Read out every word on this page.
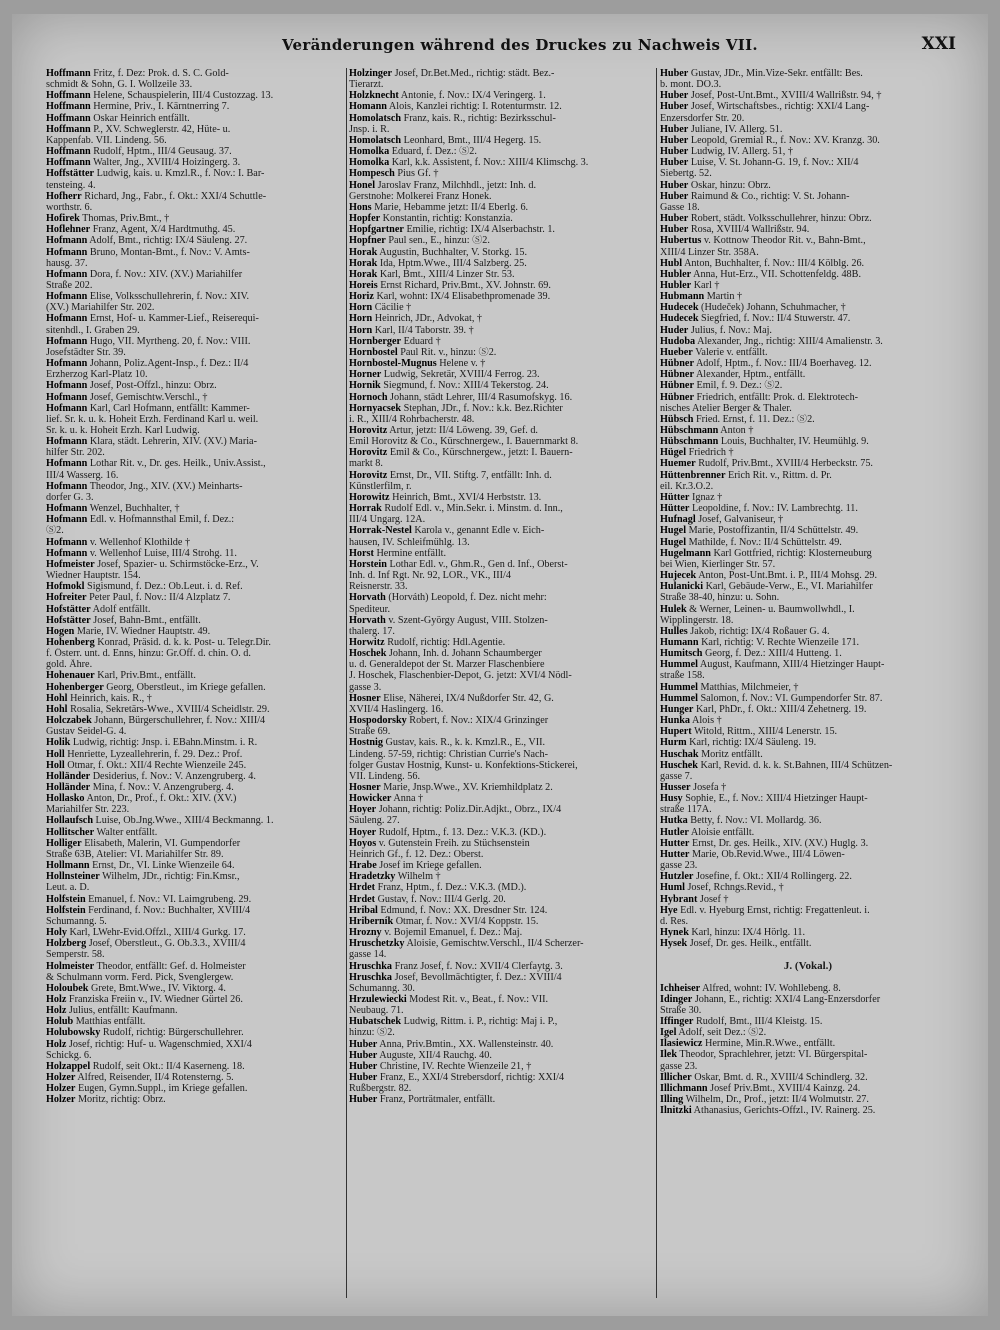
Veränderungen während des Druckes zu Nachweis VII.	XXI
Hoffmann Fritz, f. Dez: Prok. d. S. C. Gold-
schmidt & Sohn, G. I. Wollzeile 33.
Hoffmann Helene, Schauspielerin, III/4 Custozzag. 13.
Hoffmann Hermine, Priv., I. Kärntnerring 7.
Hoffmann Oskar Heinrich entfällt.
Hoffmann P., XV. Schweglerstr. 42, Hüte- u.
Kappenfab. VII. Lindeng. 56.
Hoffmann Rudolf, Hptm., III/4 Geusaug. 37.
Hoffmann Walter, Jng., XVIII/4 Hoizingerg. 3.
Hoffstätter Ludwig, kais. u. Kmzl.R., f. Nov.: I. Bar-
tensteing. 4.
Hofherr Richard, Jng., Fabr., f. Okt.: XXI/4 Schuttle-
worthstr. 6.
Hofirek Thomas, Priv.Bmt., †
Hoflehner Franz, Agent, X/4 Hardtmuthg. 45.
Hofmann Adolf, Bmt., richtig: IX/4 Säuleng. 27.
Hofmann Bruno, Montan-Bmt., f. Nov.: V. Amts-
hausg. 37.
Hofmann Dora, f. Nov.: XIV. (XV.) Mariahilfer
Straße 202.
Hofmann Elise, Volksschullehrerin, f. Nov.: XIV.
(XV.) Mariahilfer Str. 202.
Hofmann Ernst, Hof- u. Kammer-Lief., Reiserequi-
sitenhdl., I. Graben 29.
Hofmann Hugo, VII. Myrtheng. 20, f. Nov.: VIII.
Josefstädter Str. 39.
Hofmann Johann, Poliz.Agent-Insp., f. Dez.: II/4
Erzherzog Karl-Platz 10.
Hofmann Josef, Post-Offzl., hinzu: Obrz.
Hofmann Josef, Gemischtw.Verschl., †
Hofmann Karl, Carl Hofmann, entfällt: Kammer-
lief. Sr. k. u. k. Hoheit Erzh. Ferdinand Karl u. weil.
Sr. k. u. k. Hoheit Erzh. Karl Ludwig.
Hofmann Klara, städt. Lehrerin, XIV. (XV.) Maria-
hilfer Str. 202.
Hofmann Lothar Rit. v., Dr. ges. Heilk., Univ.Assist.,
III/4 Wasserg. 16.
Hofmann Theodor, Jng., XIV. (XV.) Meinharts-
dorfer G. 3.
Hofmann Wenzel, Buchhalter, †
Hofmann Edl. v. Hofmannsthal Emil, f. Dez.:
Ⓢ2.
Hofmann v. Wellenhof Klothilde †
Hofmann v. Wellenhof Luise, III/4 Strohg. 11.
Hofmeister Josef, Spazier- u. Schirmstöcke-Erz., V.
Wiedner Hauptstr. 154.
Hofmokl Sigismund, f. Dez.: Ob.Leut. i. d. Ref.
Hofreiter Peter Paul, f. Nov.: II/4 Alzplatz 7.
Hofstätter Adolf entfällt.
Hofstätter Josef, Bahn-Bmt., entfällt.
Hogen Marie, IV. Wiedner Hauptstr. 49.
Hohenberg Konrad, Präsid. d. k. k. Post- u. Telegr.Dir.
f. Österr. unt. d. Enns, hinzu: Gr.Off. d. chin. O. d.
gold. Ähre.
Hohenauer Karl, Priv.Bmt., entfällt.
Hohenberger Georg, Oberstleut., im Kriege gefallen.
Hohl Heinrich, kais. R., †
Hohl Rosalia, Sekretärs-Wwe., XVIII/4 Scheidlstr. 29.
Holczabek Johann, Bürgerschullehrer, f. Nov.: XIII/4
Gustav Seidel-G. 4.
Holik Ludwig, richtig: Jnsp. i. EBahn.Minstm. i. R.
Holl Henriette, Lyzeallehrerin, f. 29. Dez.: Prof.
Holl Otmar, f. Okt.: XII/4 Rechte Wienzeile 245.
Holländer Desiderius, f. Nov.: V. Anzengruberg. 4.
Holländer Mina, f. Nov.: V. Anzengruberg. 4.
Hollasko Anton, Dr., Prof., f. Okt.: XIV. (XV.)
Mariahilfer Str. 223.
Hollaufsch Luise, Ob.Jng.Wwe., XIII/4 Beckmanng. 1.
Hollitscher Walter entfällt.
Holliger Elisabeth, Malerin, VI. Gumpendorfer
Straße 63B, Atelier: VI. Mariahilfer Str. 89.
Hollmann Ernst, Dr., VI. Linke Wienzeile 64.
Hollnsteiner Wilhelm, JDr., richtig: Fin.Kmsr.,
Leut. a. D.
Holfstein Emanuel, f. Nov.: VI. Laimgrubeng. 29.
Holfstein Ferdinand, f. Nov.: Buchhalter, XVIII/4
Schumanng. 5.
Holy Karl, LWehr-Evid.Offzl., XIII/4 Gurkg. 17.
Holzberg Josef, Oberstleut., G. Ob.3.3., XVIII/4
Semperstr. 58.
Holmeister Theodor, entfällt: Gef. d. Holmeister
& Schulmann vorm. Ferd. Pick, Svenglergew.
Holoubek Grete, Bmt.Wwe., IV. Viktorg. 4.
Holz Franziska Freiin v., IV. Wiedner Gürtel 26.
Holz Julius, entfällt: Kaufmann.
Holub Matthias entfällt.
Holubowsky Rudolf, richtig: Bürgerschullehrer.
Holz Josef, richtig: Huf- u. Wagenschmied, XXI/4
Schickg. 6.
Holzappel Rudolf, seit Okt.: II/4 Kaserneng. 18.
Holzer Alfred, Reisender, II/4 Rotensterng. 5.
Holzer Eugen, Gymn.Suppl., im Kriege gefallen.
Holzer Moritz, richtig: Obrz.
Holzinger Josef, Dr.Bet.Med., richtig: städt. Bez.-
Tierarzt.
Holzknecht Antonie, f. Nov.: IX/4 Veringerg. 1.
Homann Alois, Kanzlei richtig: I. Rotenturmstr. 12.
Homolatsch Franz, kais. R., richtig: Bezirksschul-
Jnsp. i. R.
Homolatsch Leonhard, Bmt., III/4 Hegerg. 15.
Homolka Eduard, f. Dez.: Ⓢ2.
Homolka Karl, k.k. Assistent, f. Nov.: XIII/4 Klimschg. 3.
Hompesch Pius Gf. †
Honel Jaroslav Franz, Milchhdl., jetzt: Inh. d.
Gerstnohe: Molkerei Franz Honek.
Hons Marie, Hebamme jetzt: II/4 Eberlg. 6.
Hopfer Konstantin, richtig: Konstanzia.
Hopfgartner Emilie, richtig: IX/4 Alserbachstr. 1.
Hopfner Paul sen., E., hinzu: Ⓢ2.
Horak Augustin, Buchhalter, V. Storkg. 15.
Horak Ida, Hptm.Wwe., III/4 Salzberg. 25.
Horak Karl, Bmt., XIII/4 Linzer Str. 53.
Horeis Ernst Richard, Priv.Bmt., XV. Johnstr. 69.
Horiz Karl, wohnt: IX/4 Elisabethpromenade 39.
Horn Cäcilie †
Horn Heinrich, JDr., Advokat, †
Horn Karl, II/4 Taborstr. 39. †
Hornberger Eduard †
Hornbostel Paul Rit. v., hinzu: Ⓢ2.
Hornbostel-Mugnus Helene v. †
Horner Ludwig, Sekretär, XVIII/4 Ferrog. 23.
Hornik Siegmund, f. Nov.: XIII/4 Tekerstog. 24.
Hornoch Johann, städt Lehrer, III/4 Rasumofskyg. 16.
Hornyacsek Stephan, JDr., f. Nov.: k.k. Bez.Richter
i. R., XIII/4 Rohrbacherstr. 48.
Horovitz Artur, jetzt: II/4 Löweng. 39, Gef. d.
Emil Horovitz & Co., Kürschnergew., I. Bauernmarkt 8.
Horovitz Emil & Co., Kürschnergew., jetzt: I. Bauern-
markt 8.
Horovitz Ernst, Dr., VII. Stiftg. 7, entfällt: Inh. d.
Künstlerfilm, r.
Horowitz Heinrich, Bmt., XVI/4 Herbststr. 13.
Horrak Rudolf Edl. v., Min.Sekr. i. Minstm. d. Inn.,
III/4 Ungarg. 12A.
Horrak-Nestel Karola v., genannt Edle v. Eich-
hausen, IV. Schleifmühlg. 13.
Horst Hermine entfällt.
Horstein Lothar Edl. v., Ghm.R., Gen d. Inf., Oberst-
Inh. d. Inf Rgt. Nr. 92, LOR., VK., III/4
Reisnerstr. 33.
Horvath (Horváth) Leopold, f. Dez. nicht mehr:
Spediteur.
Horvath v. Szent-György August, VIII. Stolzen-
thalerg. 17.
Horwitz Rudolf, richtig: Hdl.Agentie.
Hoschek Johann, Inh. d. Johann Schaumberger
u. d. Generaldepot der St. Marzer Flaschenbiere
J. Hoschek, Flaschenbier-Depot, G. jetzt: XVI/4 Nödl-
gasse 3.
Hosner Elise, Näherei, IX/4 Nußdorfer Str. 42, G.
XVII/4 Haslingerg. 16.
Hospodorsky Robert, f. Nov.: XIX/4 Grinzinger
Straße 69.
Hostnig Gustav, kais. R., k. k. Kmzl.R., E., VII.
Lindeng. 57-59, richtig: Christian Currie's Nach-
folger Gustav Hostnig, Kunst- u. Konfektions-Stickerei,
VII. Lindeng. 56.
Hosner Marie, Jnsp.Wwe., XV. Kriemhildplatz 2.
Howicker Anna †
Hoyer Johann, richtig: Poliz.Dir.Adjkt., Obrz., IX/4
Säuleng. 27.
Hoyer Rudolf, Hptm., f. 13. Dez.: V.K.3. (KD.).
Hoyos v. Gutenstein Freih. zu Stüchsenstein
Heinrich Gf., f. 12. Dez.: Oberst.
Hrabe Josef im Kriege gefallen.
Hradetzky Wilhelm †
Hrdet Franz, Hptm., f. Dez.: V.K.3. (MD.).
Hrdet Gustav, f. Nov.: III/4 Gerlg. 20.
Hribal Edmund, f. Nov.: XX. Dresdner Str. 124.
Hriberník Otmar, f. Nov.: XVI/4 Koppstr. 15.
Hrozny v. Bojemil Emanuel, f. Dez.: Maj.
Hruschetzky Aloisie, Gemischtw.Verschl., II/4 Scherzer-
gasse 14.
Hruschka Franz Josef, f. Nov.: XVII/4 Clerfaytg. 3.
Hruschka Josef, Bevollmächtigter, f. Dez.: XVIII/4
Schumanng. 30.
Hrzulewiecki Modest Rit. v., Beat., f. Nov.: VII.
Neubaug. 71.
Hubatschek Ludwig, Rittm. i. P., richtig: Maj i. P.,
hinzu: Ⓢ2.
Huber Anna, Priv.Bmtin., XX. Wallensteinstr. 40.
Huber Auguste, XII/4 Rauchg. 40.
Huber Christine, IV. Rechte Wienzeile 21, †
Huber Franz, E., XXI/4 Strebersdorf, richtig: XXI/4
Rußbergstr. 82.
Huber Franz, Porträtmaler, entfällt.
Huber Gustav, JDr., Min.Vize-Sekr. entfällt: Bes.
b. mont. DO.3.
Huber Josef, Post-Unt.Bmt., XVIII/4 Wallrißstr. 94, †
Huber Josef, Wirtschaftsbes., richtig: XXI/4 Lang-
Enzersdorfer Str. 20.
Huber Juliane, IV. Allerg. 51.
Huber Leopold, Gremial R., f. Nov.: XV. Kranzg. 30.
Huber Ludwig, IV. Allerg. 51, †
Huber Luise, V. St. Johann-G. 19, f. Nov.: XII/4
Siebertg. 52.
Huber Oskar, hinzu: Obrz.
Huber Raimund & Co., richtig: V. St. Johann-
Gasse 18.
Huber Robert, städt. Volksschullehrer, hinzu: Obrz.
Huber Rosa, XVIII/4 Wallrißstr. 94.
Hubertus v. Kottnow Theodor Rit. v., Bahn-Bmt.,
XIII/4 Linzer Str. 358A.
Hubl Anton, Buchhalter, f. Nov.: III/4 Kölblg. 26.
Hubler Anna, Hut-Erz., VII. Schottenfeldg. 48B.
Hubler Karl †
Hubmann Martin †
Hudecek (Hudeček) Johann, Schuhmacher, †
Hudecek Siegfried, f. Nov.: II/4 Stuwerstr. 47.
Huder Julius, f. Nov.: Maj.
Hudoba Alexander, Jng., richtig: XIII/4 Amalienstr. 3.
Hueber Valerie v. entfällt.
Hübner Adolf, Hptm., f. Nov.: III/4 Boerhaveg. 12.
Hübner Alexander, Hptm., entfällt.
Hübner Emil, f. 9. Dez.: Ⓢ2.
Hübner Friedrich, entfällt: Prok. d. Elektrotech-
nisches Atelier Berger & Thaler.
Hübsch Fried. Ernst, f. 11. Dez.: Ⓢ2.
Hübschmann Anton †
Hübschmann Louis, Buchhalter, IV. Heumühlg. 9.
Hügel Friedrich †
Huemer Rudolf, Priv.Bmt., XVIII/4 Herbeckstr. 75.
Hüttenbrenner Erich Rit. v., Rittm. d. Pr.
eil. Kr.3.O.2.
Hütter Ignaz †
Hütter Leopoldine, f. Nov.: IV. Lambrechtg. 11.
Hufnagl Josef, Galvaniseur, †
Hugel Marie, Postoffizantin, II/4 Schüttelstr. 49.
Hugel Mathilde, f. Nov.: II/4 Schüttelstr. 49.
Hugelmann Karl Gottfried, richtig: Klosterneuburg
bei Wien, Kierlinger Str. 57.
Hujecek Anton, Post-Unt.Bmt. i. P., III/4 Mohsg. 29.
Hulanicki Karl, Gebäude-Verw., E., VI. Mariahilfer
Straße 38-40, hinzu: u. Sohn.
Hulek & Werner, Leinen- u. Baumwollwhdl., I.
Wipplingerstr. 18.
Hulles Jakob, richtig: IX/4 Roßauer G. 4.
Humann Karl, richtig: V. Rechte Wienzeile 171.
Humitsch Georg, f. Dez.: XIII/4 Hutteng. 1.
Hummel August, Kaufmann, XIII/4 Hietzinger Haupt-
straße 158.
Hummel Matthias, Milchmeier, †
Hummel Salomon, f. Nov.: VI. Gumpendorfer Str. 87.
Hunger Karl, PhDr., f. Okt.: XIII/4 Zehetnerg. 19.
Hunka Alois †
Hupert Witold, Rittm., XIII/4 Lenerstr. 15.
Hurm Karl, richtig: IX/4 Säuleng. 19.
Huschak Moritz entfällt.
Huschek Karl, Revid. d. k. k. St.Bahnen, III/4 Schützen-
gasse 7.
Husser Josefa †
Husy Sophie, E., f. Nov.: XIII/4 Hietzinger Haupt-
straße 117A.
Hutka Betty, f. Nov.: VI. Mollardg. 36.
Hutler Aloisie entfällt.
Hutter Ernst, Dr. ges. Heilk., XIV. (XV.) Huglg. 3.
Hutter Marie, Ob.Revid.Wwe., III/4 Löwen-
gasse 23.
Hutzler Josefine, f. Okt.: XII/4 Rollingerg. 22.
Huml Josef, Rchngs.Revid., †
Hybrant Josef †
Hye Edl. v. Hyeburg Ernst, richtig: Fregattenleut. i.
d. Res.
Hynek Karl, hinzu: IX/4 Hörlg. 11.
Hysek Josef, Dr. ges. Heilk., entfällt.
J. (Vokal.)
Ichheiser Alfred, wohnt: IV. Wohllebeng. 8.
Idinger Johann, E., richtig: XXI/4 Lang-Enzersdorfer
Straße 30.
Iffinger Rudolf, Bmt., III/4 Kleistg. 15.
Igel Adolf, seit Dez.: Ⓢ2.
Ilasiewicz Hermine, Min.R.Wwe., entfällt.
Ilek Theodor, Sprachlehrer, jetzt: VI. Bürgerspital-
gasse 23.
Illicher Oskar, Bmt. d. R., XVIII/4 Schindlerg. 32.
Illichmann Josef Priv.Bmt., XVIII/4 Kainzg. 24.
Illing Wilhelm, Dr., Prof., jetzt: II/4 Wolmutstr. 27.
Ilnitzki Athanasius, Gerichts-Offzl., IV. Rainerg. 25.
